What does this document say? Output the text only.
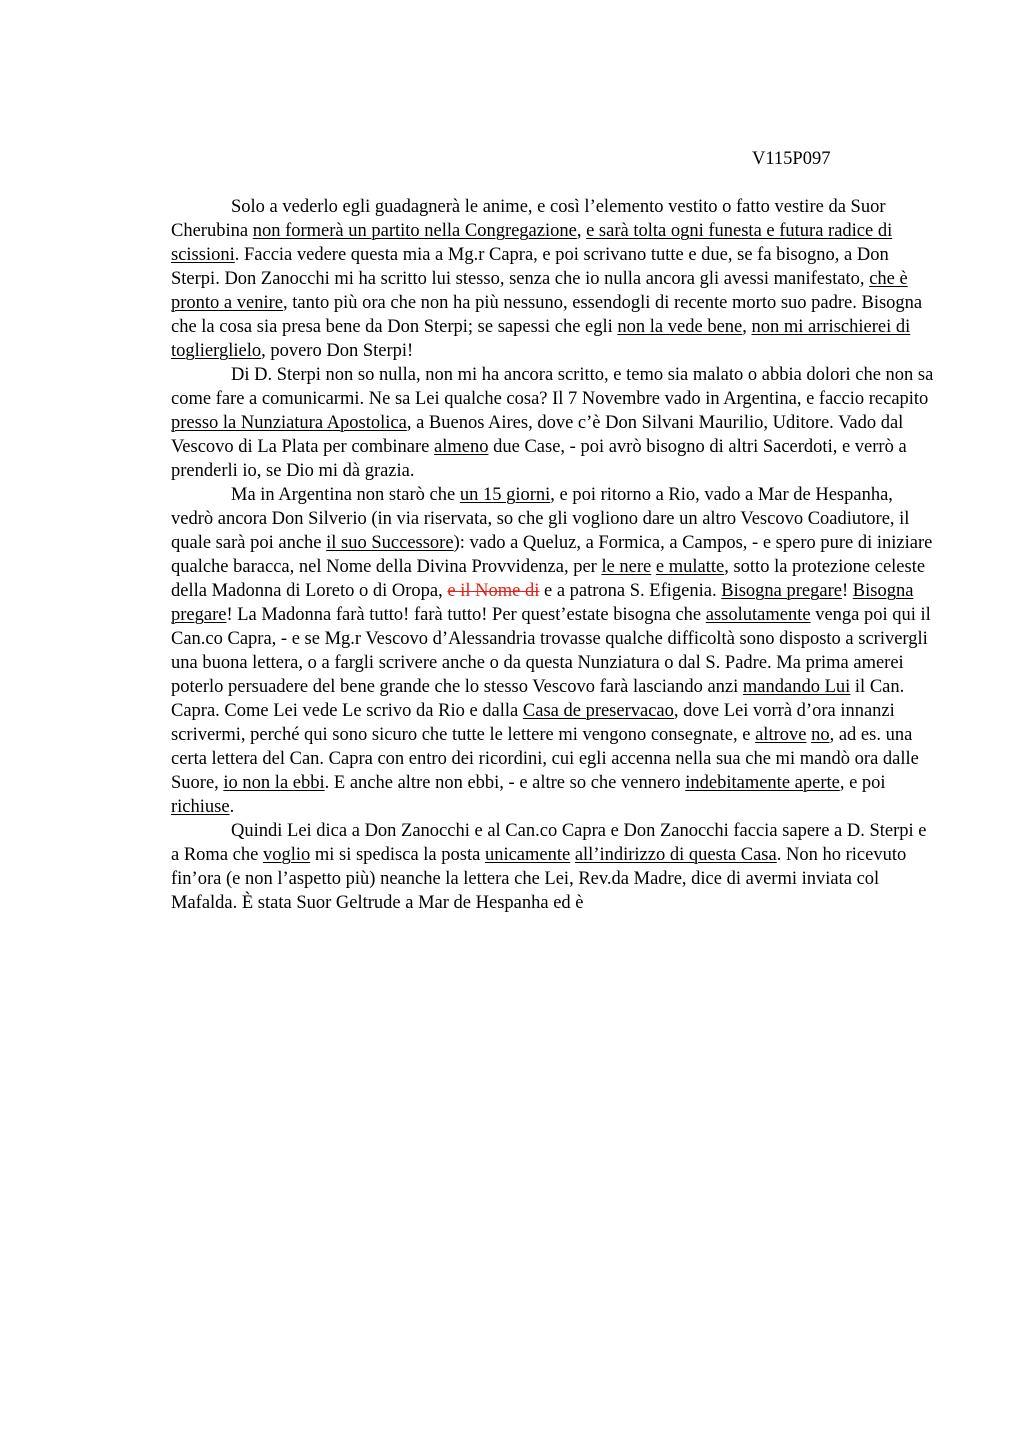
V115P097

Solo a vederlo egli guadagnerà le anime, e così l’elemento vestito o fatto vestire da Suor Cherubina non formerà un partito nella Congregazione, e sarà tolta ogni funesta e futura radice di scissioni. Faccia vedere questa mia a Mg.r Capra, e poi scrivano tutte e due, se fa bisogno, a Don Sterpi. Don Zanocchi mi ha scritto lui stesso, senza che io nulla ancora gli avessi manifestato, che è pronto a venire, tanto più ora che non ha più nessuno, essendogli di recente morto suo padre. Bisogna che la cosa sia presa bene da Don Sterpi; se sapessi che egli non la vede bene, non mi arrischierei di toglierglielo, povero Don Sterpi!

Di D. Sterpi non so nulla, non mi ha ancora scritto, e temo sia malato o abbia dolori che non sa come fare a comunicarmi. Ne sa Lei qualche cosa? Il 7 Novembre vado in Argentina, e faccio recapito presso la Nunziatura Apostolica, a Buenos Aires, dove c’è Don Silvani Maurilio, Uditore. Vado dal Vescovo di La Plata per combinare almeno due Case, - poi avrò bisogno di altri Sacerdoti, e verrò a prenderli io, se Dio mi dà grazia.

Ma in Argentina non starò che un 15 giorni, e poi ritorno a Rio, vado a Mar de Hespanha, vedrò ancora Don Silverio (in via riservata, so che gli vogliono dare un altro Vescovo Coadiutore, il quale sarà poi anche il suo Successore): vado a Queluz, a Formica, a Campos, - e spero pure di iniziare qualche baracca, nel Nome della Divina Provvidenza, per le nere e mulatte, sotto la protezione celeste della Madonna di Loreto o di Oropa, e il Nome di e a patrona S. Efigenia. Bisogna pregare! Bisogna pregare! La Madonna farà tutto! farà tutto! Per quest’estate bisogna che assolutamente venga poi qui il Can.co Capra, - e se Mg.r Vescovo d’Alessandria trovasse qualche difficoltà sono disposto a scrivergli una buona lettera, o a fargli scrivere anche o da questa Nunziatura o dal S. Padre. Ma prima amerei poterlo persuadere del bene grande che lo stesso Vescovo farà lasciando anzi mandando Lui il Can. Capra. Come Lei vede Le scrivo da Rio e dalla Casa de preservacao, dove Lei vorrà d’ora innanzi scrivermi, perché qui sono sicuro che tutte le lettere mi vengono consegnate, e altrove no, ad es. una certa lettera del Can. Capra con entro dei ricordini, cui egli accenna nella sua che mi mandò ora dalle Suore, io non la ebbi. E anche altre non ebbi, - e altre so che vennero indebitamente aperte, e poi richiuse.

Quindi Lei dica a Don Zanocchi e al Can.co Capra e Don Zanocchi faccia sapere a D. Sterpi e a Roma che voglio mi si spedisca la posta unicamente all’indirizzo di questa Casa. Non ho ricevuto fin’ora (e non l’aspetto più) neanche la lettera che Lei, Rev.da Madre, dice di avermi inviata col Mafalda. È stata Suor Geltrude a Mar de Hespanha ed è
